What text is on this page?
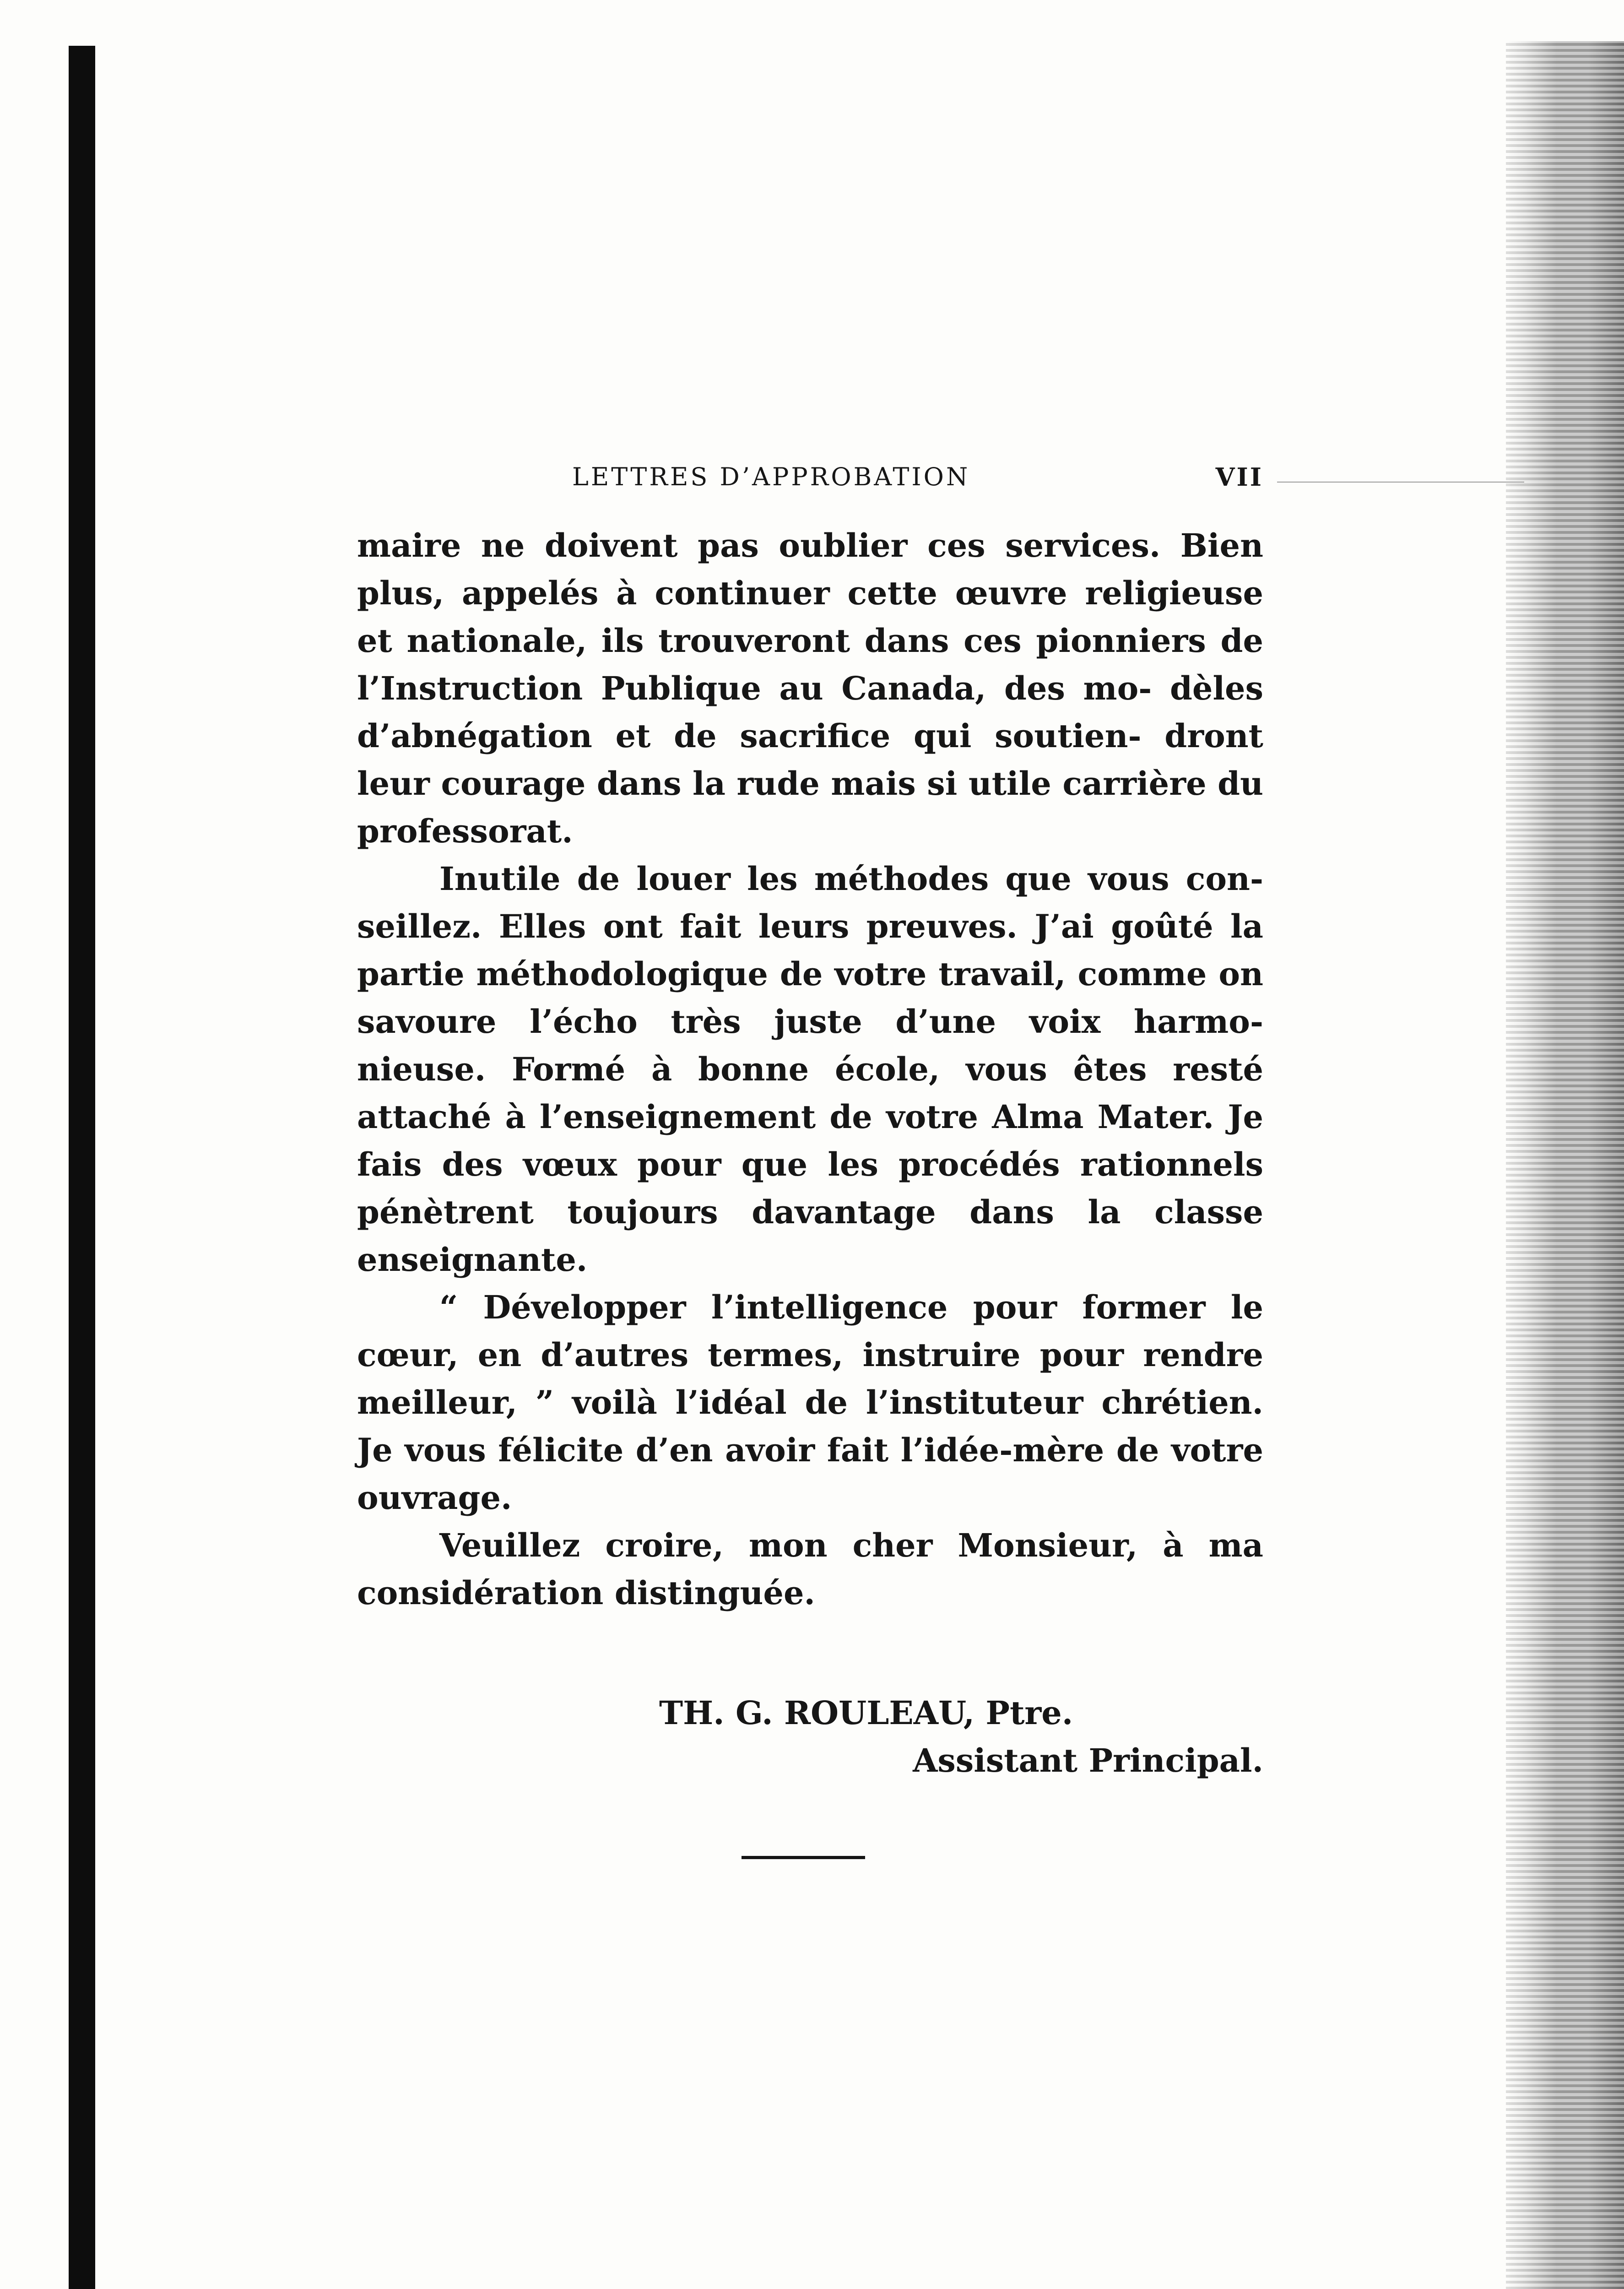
LETTRES D’APPROBATION	VII

maire ne doivent pas oublier ces services. Bien plus, appelés à continuer cette œuvre religieuse et nationale, ils trouveront dans ces pionniers de l’Instruction Publique au Canada, des mo- dèles d’abnégation et de sacrifice qui soutien- dront leur courage dans la rude mais si utile carrière du professorat.

Inutile de louer les méthodes que vous con- seillez. Elles ont fait leurs preuves. J’ai goûté la partie méthodologique de votre travail, comme on savoure l’écho très juste d’une voix harmo- nieuse. Formé à bonne école, vous êtes resté attaché à l’enseignement de votre Alma Mater. Je fais des vœux pour que les procédés rationnels pénètrent toujours davantage dans la classe enseignante.

“ Développer l’intelligence pour former le cœur, en d’autres termes, instruire pour rendre meilleur, ” voilà l’idéal de l’instituteur chrétien. Je vous félicite d’en avoir fait l’idée-mère de votre ouvrage.

Veuillez croire, mon cher Monsieur, à ma considération distinguée.

TH. G. ROULEAU, Ptre.
Assistant Principal.
